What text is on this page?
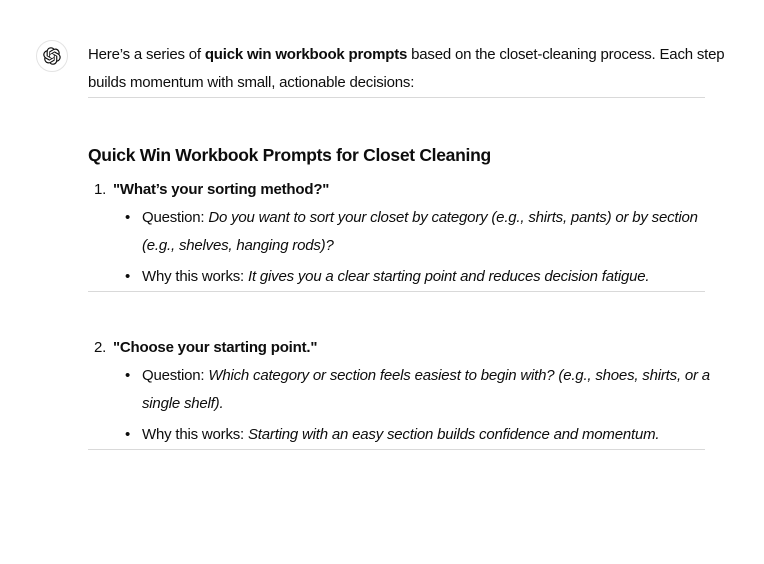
Here’s a series of quick win workbook prompts based on the closet-cleaning process. Each step
builds momentum with small, actionable decisions:

Quick Win Workbook Prompts for Closet Cleaning
1. "What’s your sorting method?"
• Question: Do you want to sort your closet by category (e.g., shirts, pants) or by section
(e.g., shelves, hanging rods)?
• Why this works: It gives you a clear starting point and reduces decision fatigue.
2. "Choose your starting point."
• Question: Which category or section feels easiest to begin with? (e.g., shoes, shirts, or a
single shelf).
• Why this works: Starting with an easy section builds confidence and momentum.
